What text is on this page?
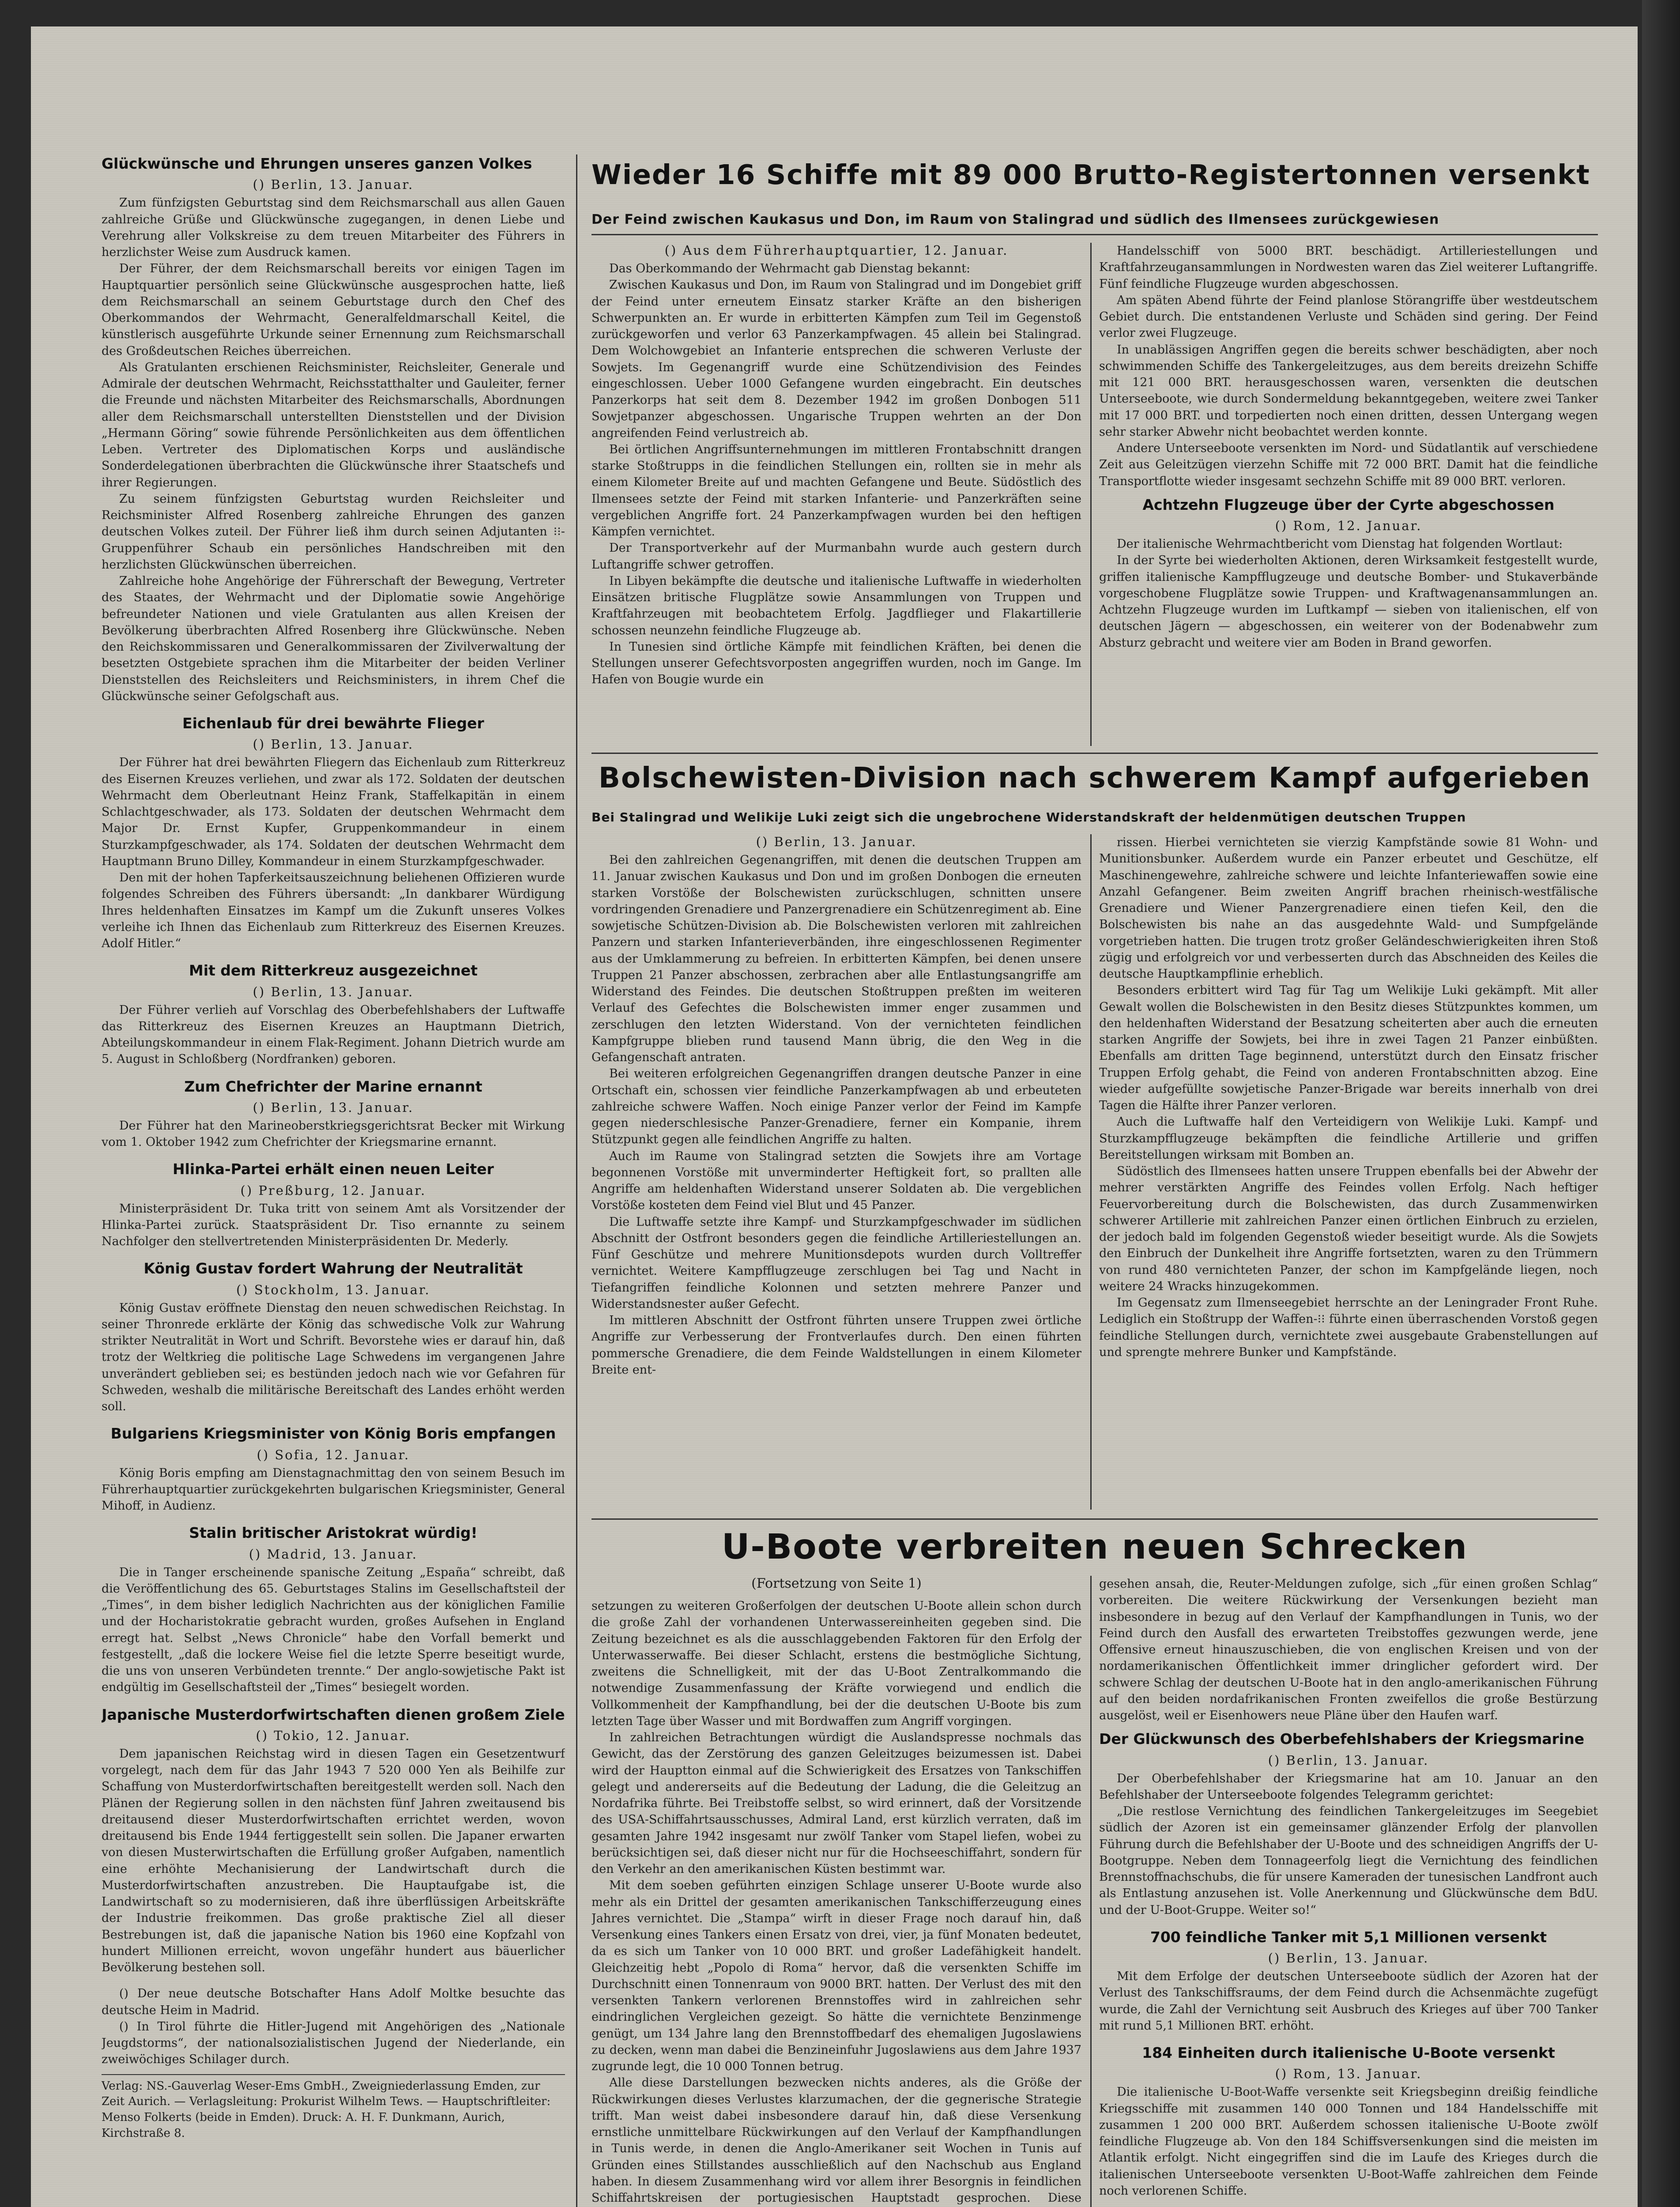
Glückwünsche und Ehrungen unseres ganzen Volkes
() Berlin, 13. Januar.

Zum fünfzigsten Geburtstag sind dem Reichsmarschall aus allen Gauen zahlreiche Grüße und Glückwünsche zugegangen, in denen Liebe und Verehrung aller Volkskreise zu dem treuen Mitarbeiter des Führers in herzlichster Weise zum Ausdruck kamen.

Der Führer, der dem Reichsmarschall bereits vor einigen Tagen im Hauptquartier persönlich seine Glückwünsche ausgesprochen hatte, ließ dem Reichsmarschall an seinem Geburtstage durch den Chef des Oberkommandos der Wehrmacht, Generalfeldmarschall Keitel, die künstlerisch ausgeführte Urkunde seiner Ernennung zum Reichsmarschall des Großdeutschen Reiches überreichen.

Als Gratulanten erschienen Reichsminister, Reichsleiter, Generale und Admirale der deutschen Wehrmacht, Reichsstatthalter und Gauleiter, ferner die Freunde und nächsten Mitarbeiter des Reichsmarschalls, Abordnungen aller dem Reichsmarschall unterstellten Dienststellen und der Division „Hermann Göring“ sowie führende Persönlichkeiten aus dem öffentlichen Leben. Vertreter des Diplomatischen Korps und ausländische Sonderdelegationen überbrachten die Glückwünsche ihrer Staatschefs und ihrer Regierungen.

Zu seinem fünfzigsten Geburtstag wurden Reichsleiter und Reichsminister Alfred Rosenberg zahlreiche Ehrungen des ganzen deutschen Volkes zuteil. Der Führer ließ ihm durch seinen Adjutanten ⁝⁝-Gruppenführer Schaub ein persönliches Handschreiben mit den herzlichsten Glückwünschen überreichen.

Zahlreiche hohe Angehörige der Führerschaft der Bewegung, Vertreter des Staates, der Wehrmacht und der Diplomatie sowie Angehörige befreundeter Nationen und viele Gratulanten aus allen Kreisen der Bevölkerung überbrachten Alfred Rosenberg ihre Glückwünsche. Neben den Reichskommissaren und Generalkommissaren der Zivilverwaltung der besetzten Ostgebiete sprachen ihm die Mitarbeiter der beiden Verliner Dienststellen des Reichsleiters und Reichsministers, in ihrem Chef die Glückwünsche seiner Gefolgschaft aus.

Eichenlaub für drei bewährte Flieger
() Berlin, 13. Januar.

Der Führer hat drei bewährten Fliegern das Eichenlaub zum Ritterkreuz des Eisernen Kreuzes verliehen, und zwar als 172. Soldaten der deutschen Wehrmacht dem Oberleutnant Heinz Frank, Staffelkapitän in einem Schlachtgeschwader, als 173. Soldaten der deutschen Wehrmacht dem Major Dr. Ernst Kupfer, Gruppenkommandeur in einem Sturzkampfgeschwader, als 174. Soldaten der deutschen Wehrmacht dem Hauptmann Bruno Dilley, Kommandeur in einem Sturzkampfgeschwader.

Den mit der hohen Tapferkeitsauszeichnung beliehenen Offizieren wurde folgendes Schreiben des Führers übersandt: „In dankbarer Würdigung Ihres heldenhaften Einsatzes im Kampf um die Zukunft unseres Volkes verleihe ich Ihnen das Eichenlaub zum Ritterkreuz des Eisernen Kreuzes. Adolf Hitler.“

Mit dem Ritterkreuz ausgezeichnet
() Berlin, 13. Januar.

Der Führer verlieh auf Vorschlag des Oberbefehlshabers der Luftwaffe das Ritterkreuz des Eisernen Kreuzes an Hauptmann Dietrich, Abteilungskommandeur in einem Flak-Regiment. Johann Dietrich wurde am 5. August in Schloßberg (Nordfranken) geboren.

Zum Chefrichter der Marine ernannt
() Berlin, 13. Januar.

Der Führer hat den Marineoberstkriegsgerichtsrat Becker mit Wirkung vom 1. Oktober 1942 zum Chefrichter der Kriegsmarine ernannt.

Hlinka-Partei erhält einen neuen Leiter
() Preßburg, 12. Januar.

Ministerpräsident Dr. Tuka tritt von seinem Amt als Vorsitzender der Hlinka-Partei zurück. Staatspräsident Dr. Tiso ernannte zu seinem Nachfolger den stellvertretenden Ministerpräsidenten Dr. Mederly.

König Gustav fordert Wahrung der Neutralität
() Stockholm, 13. Januar.

König Gustav eröffnete Dienstag den neuen schwedischen Reichstag. In seiner Thronrede erklärte der König das schwedische Volk zur Wahrung strikter Neutralität in Wort und Schrift. Bevorstehe wies er darauf hin, daß trotz der Weltkrieg die politische Lage Schwedens im vergangenen Jahre unverändert geblieben sei; es bestünden jedoch nach wie vor Gefahren für Schweden, weshalb die militärische Bereitschaft des Landes erhöht werden soll.

Bulgariens Kriegsminister von König Boris empfangen
() Sofia, 12. Januar.

König Boris empfing am Dienstagnachmittag den von seinem Besuch im Führerhauptquartier zurückgekehrten bulgarischen Kriegsminister, General Mihoff, in Audienz.

Stalin britischer Aristokrat würdig!
() Madrid, 13. Januar.

Die in Tanger erscheinende spanische Zeitung „España“ schreibt, daß die Veröffentlichung des 65. Geburtstages Stalins im Gesellschaftsteil der „Times“, in dem bisher lediglich Nachrichten aus der königlichen Familie und der Hocharistokratie gebracht wurden, großes Aufsehen in England erregt hat. Selbst „News Chronicle“ habe den Vorfall bemerkt und festgestellt, „daß die lockere Weise fiel die letzte Sperre beseitigt wurde, die uns von unseren Verbündeten trennte.“ Der anglo-sowjetische Pakt ist endgültig im Gesellschaftsteil der „Times“ besiegelt worden.

Japanische Musterdorfwirtschaften dienen großem Ziele
() Tokio, 12. Januar.

Dem japanischen Reichstag wird in diesen Tagen ein Gesetzentwurf vorgelegt, nach dem für das Jahr 1943 7 520 000 Yen als Beihilfe zur Schaffung von Musterdorfwirtschaften bereitgestellt werden soll. Nach den Plänen der Regierung sollen in den nächsten fünf Jahren zweitausend bis dreitausend dieser Musterdorfwirtschaften errichtet werden, wovon dreitausend bis Ende 1944 fertiggestellt sein sollen. Die Japaner erwarten von diesen Musterwirtschaften die Erfüllung großer Aufgaben, namentlich eine erhöhte Mechanisierung der Landwirtschaft durch die Musterdorfwirtschaften anzustreben. Die Hauptaufgabe ist, die Landwirtschaft so zu modernisieren, daß ihre überflüssigen Arbeitskräfte der Industrie freikommen. Das große praktische Ziel all dieser Bestrebungen ist, daß die japanische Nation bis 1960 eine Kopfzahl von hundert Millionen erreicht, wovon ungefähr hundert aus bäuerlicher Bevölkerung bestehen soll.

() Der neue deutsche Botschafter Hans Adolf Moltke besuchte das deutsche Heim in Madrid.

() In Tirol führte die Hitler-Jugend mit Angehörigen des „Nationale Jeugdstorms“, der nationalsozialistischen Jugend der Niederlande, ein zweiwöchiges Schilager durch.

Verlag: NS.-Gauverlag Weser-Ems GmbH., Zweigniederlassung Emden, zur Zeit Aurich. — Verlagsleitung: Prokurist Wilhelm Tews. — Hauptschriftleiter: Menso Folkerts (beide in Emden). Druck: A. H. F. Dunkmann, Aurich, Kirchstraße 8.

Wieder 16 Schiffe mit 89 000 Brutto-Registertonnen versenkt
Der Feind zwischen Kaukasus und Don, im Raum von Stalingrad und südlich des Ilmensees zurückgewiesen
() Aus dem Führerhauptquartier, 12. Januar.

Das Oberkommando der Wehrmacht gab Dienstag bekannt:

Zwischen Kaukasus und Don, im Raum von Stalingrad und im Dongebiet griff der Feind unter erneutem Einsatz starker Kräfte an den bisherigen Schwerpunkten an. Er wurde in erbitterten Kämpfen zum Teil im Gegenstoß zurückgeworfen und verlor 63 Panzerkampfwagen. 45 allein bei Stalingrad. Dem Wolchowgebiet an Infanterie entsprechen die schweren Verluste der Sowjets. Im Gegenangriff wurde eine Schützendivision des Feindes eingeschlossen. Ueber 1000 Gefangene wurden eingebracht. Ein deutsches Panzerkorps hat seit dem 8. Dezember 1942 im großen Donbogen 511 Sowjetpanzer abgeschossen. Ungarische Truppen wehrten an der Don angreifenden Feind verlustreich ab.

Bei örtlichen Angriffsunternehmungen im mittleren Frontabschnitt drangen starke Stoßtrupps in die feindlichen Stellungen ein, rollten sie in mehr als einem Kilometer Breite auf und machten Gefangene und Beute. Südöstlich des Ilmensees setzte der Feind mit starken Infanterie- und Panzerkräften seine vergeblichen Angriffe fort. 24 Panzerkampfwagen wurden bei den heftigen Kämpfen vernichtet.

Der Transportverkehr auf der Murmanbahn wurde auch gestern durch Luftangriffe schwer getroffen.

In Libyen bekämpfte die deutsche und italienische Luftwaffe in wiederholten Einsätzen britische Flugplätze sowie Ansammlungen von Truppen und Kraftfahrzeugen mit beobachtetem Erfolg. Jagdflieger und Flakartillerie schossen neunzehn feindliche Flugzeuge ab.

In Tunesien sind örtliche Kämpfe mit feindlichen Kräften, bei denen die Stellungen unserer Gefechtsvorposten angegriffen wurden, noch im Gange. Im Hafen von Bougie wurde ein

Handelsschiff von 5000 BRT. beschädigt. Artilleriestellungen und Kraftfahrzeugansammlungen in Nordwesten waren das Ziel weiterer Luftangriffe. Fünf feindliche Flugzeuge wurden abgeschossen.

Am späten Abend führte der Feind planlose Störangriffe über westdeutschem Gebiet durch. Die entstandenen Verluste und Schäden sind gering. Der Feind verlor zwei Flugzeuge.

In unablässigen Angriffen gegen die bereits schwer beschädigten, aber noch schwimmenden Schiffe des Tankergeleitzuges, aus dem bereits dreizehn Schiffe mit 121 000 BRT. herausgeschossen waren, versenkten die deutschen Unterseeboote, wie durch Sondermeldung bekanntgegeben, weitere zwei Tanker mit 17 000 BRT. und torpedierten noch einen dritten, dessen Untergang wegen sehr starker Abwehr nicht beobachtet werden konnte.

Andere Unterseeboote versenkten im Nord- und Südatlantik auf verschiedene Zeit aus Geleitzügen vierzehn Schiffe mit 72 000 BRT. Damit hat die feindliche Transportflotte wieder insgesamt sechzehn Schiffe mit 89 000 BRT. verloren.

Achtzehn Flugzeuge über der Cyrte abgeschossen
() Rom, 12. Januar.

Der italienische Wehrmachtbericht vom Dienstag hat folgenden Wortlaut:

In der Syrte bei wiederholten Aktionen, deren Wirksamkeit festgestellt wurde, griffen italienische Kampfflugzeuge und deutsche Bomber- und Stukaverbände vorgeschobene Flugplätze sowie Truppen- und Kraftwagenansammlungen an. Achtzehn Flugzeuge wurden im Luftkampf — sieben von italienischen, elf von deutschen Jägern — abgeschossen, ein weiterer von der Bodenabwehr zum Absturz gebracht und weitere vier am Boden in Brand geworfen.

Bolschewisten-Division nach schwerem Kampf aufgerieben
Bei Stalingrad und Welikije Luki zeigt sich die ungebrochene Widerstandskraft der heldenmütigen deutschen Truppen
() Berlin, 13. Januar.

Bei den zahlreichen Gegenangriffen, mit denen die deutschen Truppen am 11. Januar zwischen Kaukasus und Don und im großen Donbogen die erneuten starken Vorstöße der Bolschewisten zurückschlugen, schnitten unsere vordringenden Grenadiere und Panzergrenadiere ein Schützenregiment ab. Eine sowjetische Schützen-Division ab. Die Bolschewisten verloren mit zahlreichen Panzern und starken Infanterieverbänden, ihre eingeschlossenen Regimenter aus der Umklammerung zu befreien. In erbitterten Kämpfen, bei denen unsere Truppen 21 Panzer abschossen, zerbrachen aber alle Entlastungsangriffe am Widerstand des Feindes. Die deutschen Stoßtruppen preßten im weiteren Verlauf des Gefechtes die Bolschewisten immer enger zusammen und zerschlugen den letzten Widerstand. Von der vernichteten feindlichen Kampfgruppe blieben rund tausend Mann übrig, die den Weg in die Gefangenschaft antraten.

Bei weiteren erfolgreichen Gegenangriffen drangen deutsche Panzer in eine Ortschaft ein, schossen vier feindliche Panzerkampfwagen ab und erbeuteten zahlreiche schwere Waffen. Noch einige Panzer verlor der Feind im Kampfe gegen niederschlesische Panzer-Grenadiere, ferner ein Kompanie, ihrem Stützpunkt gegen alle feindlichen Angriffe zu halten.

Auch im Raume von Stalingrad setzten die Sowjets ihre am Vortage begonnenen Vorstöße mit unverminderter Heftigkeit fort, so prallten alle Angriffe am heldenhaften Widerstand unserer Soldaten ab. Die vergeblichen Vorstöße kosteten dem Feind viel Blut und 45 Panzer.

Die Luftwaffe setzte ihre Kampf- und Sturzkampfgeschwader im südlichen Abschnitt der Ostfront besonders gegen die feindliche Artilleriestellungen an. Fünf Geschütze und mehrere Munitionsdepots wurden durch Volltreffer vernichtet. Weitere Kampfflugzeuge zerschlugen bei Tag und Nacht in Tiefangriffen feindliche Kolonnen und setzten mehrere Panzer und Widerstandsnester außer Gefecht.

Im mittleren Abschnitt der Ostfront führten unsere Truppen zwei örtliche Angriffe zur Verbesserung der Frontverlaufes durch. Den einen führten pommersche Grenadiere, die dem Feinde Waldstellungen in einem Kilometer Breite ent-

rissen. Hierbei vernichteten sie vierzig Kampfstände sowie 81 Wohn- und Munitionsbunker. Außerdem wurde ein Panzer erbeutet und Geschütze, elf Maschinengewehre, zahlreiche schwere und leichte Infanteriewaffen sowie eine Anzahl Gefangener. Beim zweiten Angriff brachen rheinisch-westfälische Grenadiere und Wiener Panzergrenadiere einen tiefen Keil, den die Bolschewisten bis nahe an das ausgedehnte Wald- und Sumpfgelände vorgetrieben hatten. Die trugen trotz großer Geländeschwierigkeiten ihren Stoß zügig und erfolgreich vor und verbesserten durch das Abschneiden des Keiles die deutsche Hauptkampflinie erheblich.

Besonders erbittert wird Tag für Tag um Welikije Luki gekämpft. Mit aller Gewalt wollen die Bolschewisten in den Besitz dieses Stützpunktes kommen, um den heldenhaften Widerstand der Besatzung scheiterten aber auch die erneuten starken Angriffe der Sowjets, bei ihre in zwei Tagen 21 Panzer einbüßten. Ebenfalls am dritten Tage beginnend, unterstützt durch den Einsatz frischer Truppen Erfolg gehabt, die Feind von anderen Frontabschnitten abzog. Eine wieder aufgefüllte sowjetische Panzer-Brigade war bereits innerhalb von drei Tagen die Hälfte ihrer Panzer verloren.

Auch die Luftwaffe half den Verteidigern von Welikije Luki. Kampf- und Sturzkampfflugzeuge bekämpften die feindliche Artillerie und griffen Bereitstellungen wirksam mit Bomben an.

Südöstlich des Ilmensees hatten unsere Truppen ebenfalls bei der Abwehr der mehrer verstärkten Angriffe des Feindes vollen Erfolg. Nach heftiger Feuervorbereitung durch die Bolschewisten, das durch Zusammenwirken schwerer Artillerie mit zahlreichen Panzer einen örtlichen Einbruch zu erzielen, der jedoch bald im folgenden Gegenstoß wieder beseitigt wurde. Als die Sowjets den Einbruch der Dunkelheit ihre Angriffe fortsetzten, waren zu den Trümmern von rund 480 vernichteten Panzer, der schon im Kampfgelände liegen, noch weitere 24 Wracks hinzugekommen.

Im Gegensatz zum Ilmenseegebiet herrschte an der Leningrader Front Ruhe. Lediglich ein Stoßtrupp der Waffen-⁝⁝ führte einen überraschenden Vorstoß gegen feindliche Stellungen durch, vernichtete zwei ausgebaute Grabenstellungen auf und sprengte mehrere Bunker und Kampfstände.

U-Boote verbreiten neuen Schrecken
(Fortsetzung von Seite 1)

setzungen zu weiteren Großerfolgen der deutschen U-Boote allein schon durch die große Zahl der vorhandenen Unterwassereinheiten gegeben sind. Die Zeitung bezeichnet es als die ausschlaggebenden Faktoren für den Erfolg der Unterwasserwaffe. Bei dieser Schlacht, erstens die bestmögliche Sichtung, zweitens die Schnelligkeit, mit der das U-Boot Zentralkommando die notwendige Zusammenfassung der Kräfte vorwiegend und endlich die Vollkommenheit der Kampfhandlung, bei der die deutschen U-Boote bis zum letzten Tage über Wasser und mit Bordwaffen zum Angriff vorgingen.

In zahlreichen Betrachtungen würdigt die Auslandspresse nochmals das Gewicht, das der Zerstörung des ganzen Geleitzuges beizumessen ist. Dabei wird der Hauptton einmal auf die Schwierigkeit des Ersatzes von Tankschiffen gelegt und andererseits auf die Bedeutung der Ladung, die die Geleitzug an Nordafrika führte. Bei Treibstoffe selbst, so wird erinnert, daß der Vorsitzende des USA-Schiffahrtsausschusses, Admiral Land, erst kürzlich verraten, daß im gesamten Jahre 1942 insgesamt nur zwölf Tanker vom Stapel liefen, wobei zu berücksichtigen sei, daß dieser nicht nur für die Hochseeschiffahrt, sondern für den Verkehr an den amerikanischen Küsten bestimmt war.

Mit dem soeben geführten einzigen Schlage unserer U-Boote wurde also mehr als ein Drittel der gesamten amerikanischen Tankschifferzeugung eines Jahres vernichtet. Die „Stampa“ wirft in dieser Frage noch darauf hin, daß Versenkung eines Tankers einen Ersatz von drei, vier, ja fünf Monaten bedeutet, da es sich um Tanker von 10 000 BRT. und großer Ladefähigkeit handelt. Gleichzeitig hebt „Popolo di Roma“ hervor, daß die versenkten Schiffe im Durchschnitt einen Tonnenraum von 9000 BRT. hatten. Der Verlust des mit den versenkten Tankern verlorenen Brennstoffes wird in zahlreichen sehr eindringlichen Vergleichen gezeigt. So hätte die vernichtete Benzinmenge genügt, um 134 Jahre lang den Brennstoffbedarf des ehemaligen Jugoslawiens zu decken, wenn man dabei die Benzineinfuhr Jugoslawiens aus dem Jahre 1937 zugrunde legt, die 10 000 Tonnen betrug.

Alle diese Darstellungen bezwecken nichts anderes, als die Größe der Rückwirkungen dieses Verlustes klarzumachen, der die gegnerische Strategie trifft. Man weist dabei insbesondere darauf hin, daß diese Versenkung ernstliche unmittelbare Rückwirkungen auf den Verlauf der Kampfhandlungen in Tunis werde, in denen die Anglo-Amerikaner seit Wochen in Tunis auf Gründen eines Stillstandes ausschließlich auf den Nachschub aus England haben. In diesem Zusammenhang wird vor allem ihrer Besorgnis in feindlichen Schiffahrtskreisen der portugiesischen Hauptstadt gesprochen. Diese

gesehen ansah, die, Reuter-Meldungen zufolge, sich „für einen großen Schlag“ vorbereiten. Die weitere Rückwirkung der Versenkungen bezieht man insbesondere in bezug auf den Verlauf der Kampfhandlungen in Tunis, wo der Feind durch den Ausfall des erwarteten Treibstoffes gezwungen werde, jene Offensive erneut hinauszuschieben, die von englischen Kreisen und von der nordamerikanischen Öffentlichkeit immer dringlicher gefordert wird. Der schwere Schlag der deutschen U-Boote hat in den anglo-amerikanischen Führung auf den beiden nordafrikanischen Fronten zweifellos die große Bestürzung ausgelöst, weil er Eisenhowers neue Pläne über den Haufen warf.

Der Glückwunsch des Oberbefehlshabers der Kriegsmarine
() Berlin, 13. Januar.

Der Oberbefehlshaber der Kriegsmarine hat am 10. Januar an den Befehlshaber der Unterseeboote folgendes Telegramm gerichtet:

„Die restlose Vernichtung des feindlichen Tankergeleitzuges im Seegebiet südlich der Azoren ist ein gemeinsamer glänzender Erfolg der planvollen Führung durch die Befehlshaber der U-Boote und des schneidigen Angriffs der U-Bootgruppe. Neben dem Tonnageerfolg liegt die Vernichtung des feindlichen Brennstoffnachschubs, die für unsere Kameraden der tunesischen Landfront auch als Entlastung anzusehen ist. Volle Anerkennung und Glückwünsche dem BdU. und der U-Boot-Gruppe. Weiter so!“

700 feindliche Tanker mit 5,1 Millionen versenkt
() Berlin, 13. Januar.

Mit dem Erfolge der deutschen Unterseeboote südlich der Azoren hat der Verlust des Tankschiffsraums, der dem Feind durch die Achsenmächte zugefügt wurde, die Zahl der Vernichtung seit Ausbruch des Krieges auf über 700 Tanker mit rund 5,1 Millionen BRT. erhöht.

184 Einheiten durch italienische U-Boote versenkt
() Rom, 13. Januar.

Die italienische U-Boot-Waffe versenkte seit Kriegsbeginn dreißig feindliche Kriegsschiffe mit zusammen 140 000 Tonnen und 184 Handelsschiffe mit zusammen 1 200 000 BRT. Außerdem schossen italienische U-Boote zwölf feindliche Flugzeuge ab. Von den 184 Schiffsversenkungen sind die meisten im Atlantik erfolgt. Nicht eingegriffen sind die im Laufe des Krieges durch die italienischen Unterseeboote versenkten U-Boot-Waffe zahlreichen dem Feinde noch verlorenen Schiffe.
